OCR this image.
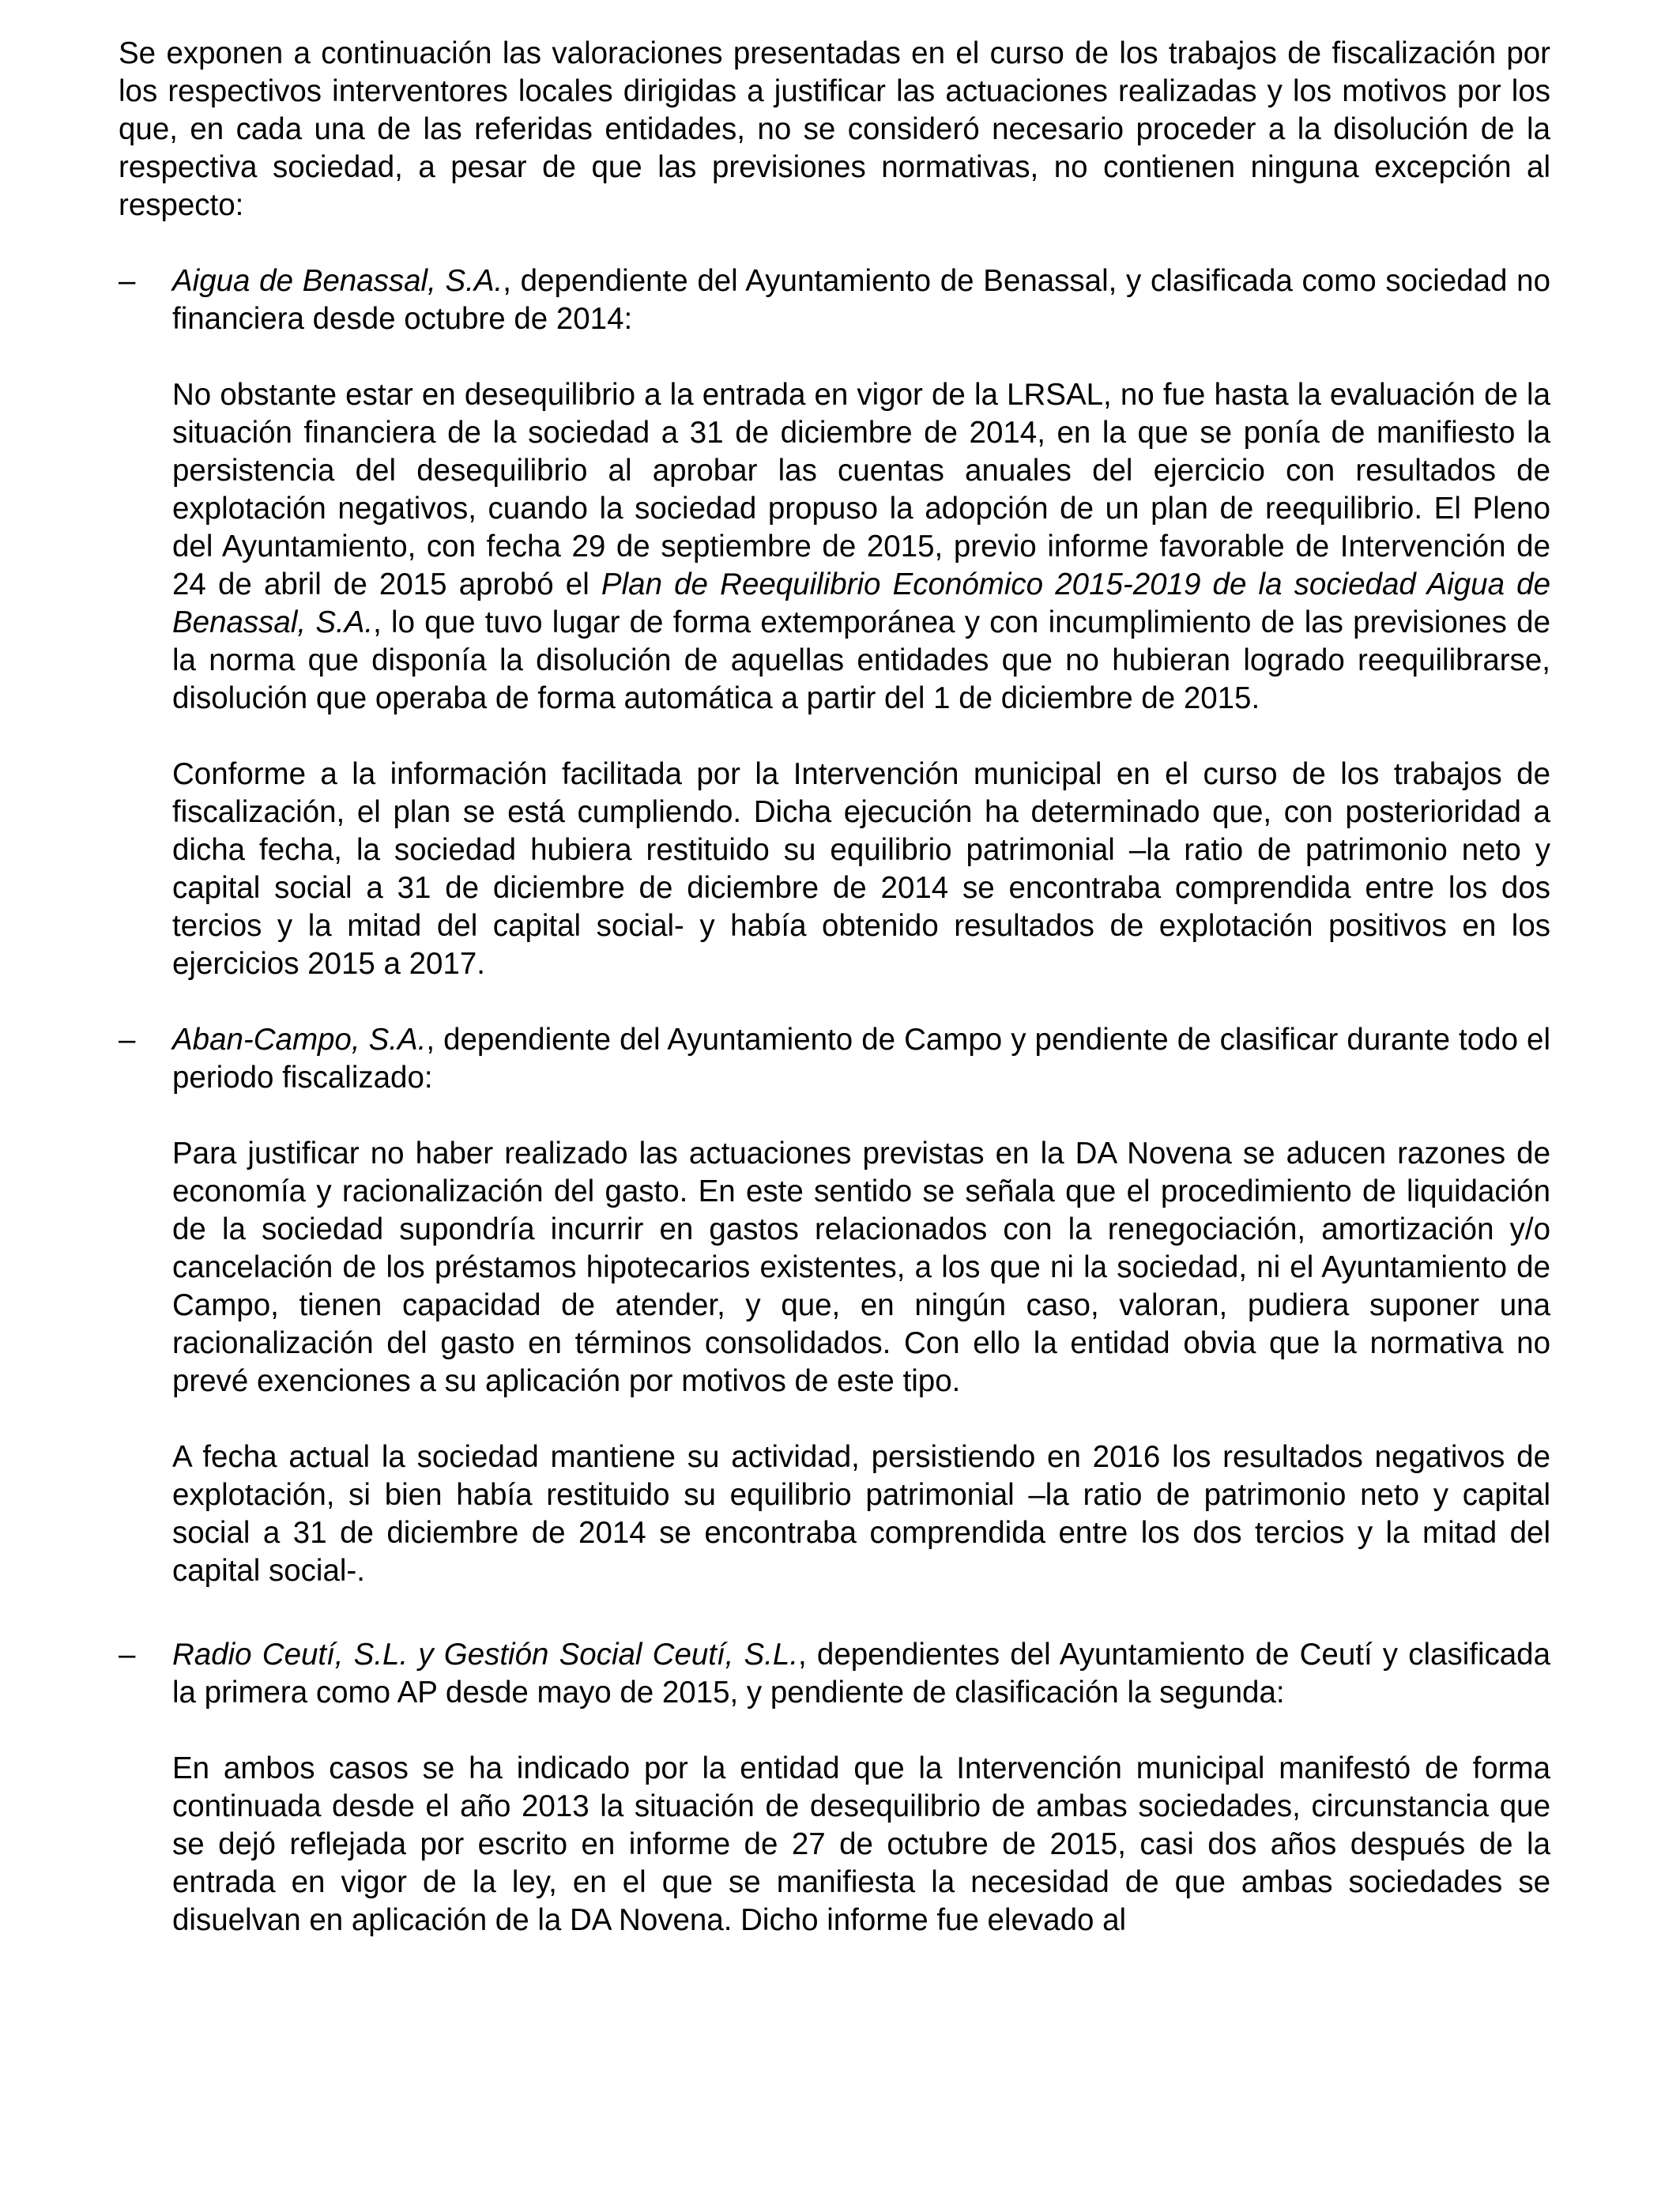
Se exponen a continuación las valoraciones presentadas en el curso de los trabajos de fiscalización por los respectivos interventores locales dirigidas a justificar las actuaciones realizadas y los motivos por los que, en cada una de las referidas entidades, no se consideró necesario proceder a la disolución de la respectiva sociedad, a pesar de que las previsiones normativas, no contienen ninguna excepción al respecto:

–	Aigua de Benassal, S.A., dependiente del Ayuntamiento de Benassal, y clasificada como sociedad no financiera desde octubre de 2014:

No obstante estar en desequilibrio a la entrada en vigor de la LRSAL, no fue hasta la evaluación de la situación financiera de la sociedad a 31 de diciembre de 2014, en la que se ponía de manifiesto la persistencia del desequilibrio al aprobar las cuentas anuales del ejercicio con resultados de explotación negativos, cuando la sociedad propuso la adopción de un plan de reequilibrio. El Pleno del Ayuntamiento, con fecha 29 de septiembre de 2015, previo informe favorable de Intervención de 24 de abril de 2015 aprobó el Plan de Reequilibrio Económico 2015-2019 de la sociedad Aigua de Benassal, S.A., lo que tuvo lugar de forma extemporánea y con incumplimiento de las previsiones de la norma que disponía la disolución de aquellas entidades que no hubieran logrado reequilibrarse, disolución que operaba de forma automática a partir del 1 de diciembre de 2015.

Conforme a la información facilitada por la Intervención municipal en el curso de los trabajos de fiscalización, el plan se está cumpliendo. Dicha ejecución ha determinado que, con posterioridad a dicha fecha, la sociedad hubiera restituido su equilibrio patrimonial –la ratio de patrimonio neto y capital social a 31 de diciembre de diciembre de 2014 se encontraba comprendida entre los dos tercios y la mitad del capital social- y había obtenido resultados de explotación positivos en los ejercicios 2015 a 2017.

–	Aban-Campo, S.A., dependiente del Ayuntamiento de Campo y pendiente de clasificar durante todo el periodo fiscalizado:

Para justificar no haber realizado las actuaciones previstas en la DA Novena se aducen razones de economía y racionalización del gasto. En este sentido se señala que el procedimiento de liquidación de la sociedad supondría incurrir en gastos relacionados con la renegociación, amortización y/o cancelación de los préstamos hipotecarios existentes, a los que ni la sociedad, ni el Ayuntamiento de Campo, tienen capacidad de atender, y que, en ningún caso, valoran, pudiera suponer una racionalización del gasto en términos consolidados. Con ello la entidad obvia que la normativa no prevé exenciones a su aplicación por motivos de este tipo.

A fecha actual la sociedad mantiene su actividad, persistiendo en 2016 los resultados negativos de explotación, si bien había restituido su equilibrio patrimonial –la ratio de patrimonio neto y capital social a 31 de diciembre de 2014 se encontraba comprendida entre los dos tercios y la mitad del capital social-.

–	Radio Ceutí, S.L. y Gestión Social Ceutí, S.L., dependientes del Ayuntamiento de Ceutí y clasificada la primera como AP desde mayo de 2015, y pendiente de clasificación la segunda:

En ambos casos se ha indicado por la entidad que la Intervención municipal manifestó de forma continuada desde el año 2013 la situación de desequilibrio de ambas sociedades, circunstancia que se dejó reflejada por escrito en informe de 27 de octubre de 2015, casi dos años después de la entrada en vigor de la ley, en el que se manifiesta la necesidad de que ambas sociedades se disuelvan en aplicación de la DA Novena. Dicho informe fue elevado al
